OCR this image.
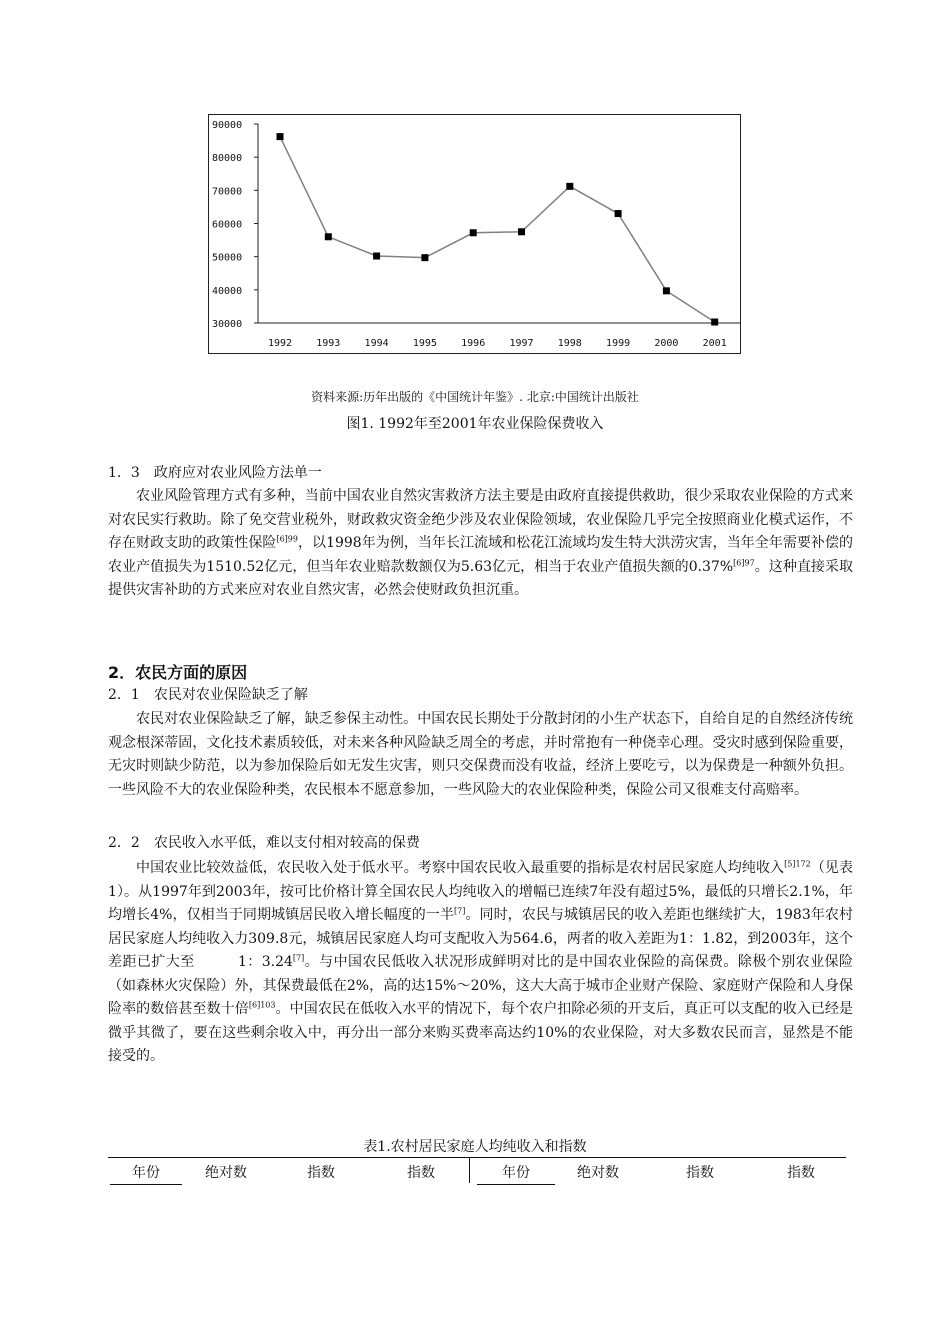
90000
80000
70000
60000
50000
40000
30000
1992 1993 1994 1995 1996 1997 1998 1999 2000 2001
资料来源:历年出版的《中国统计年鉴》. 北京:中国统计出版社
图1. 1992年至2001年农业保险保费收入
1．3　政府应对农业风险方法单一
农业风险管理方式有多种，当前中国农业自然灾害救济方法主要是由政府直接提供救助，很少采取农业保险的方式来对农民实行救助。除了免交营业税外，财政救灾资金绝少涉及农业保险领域，农业保险几乎完全按照商业化模式运作，不存在财政支助的政策性保险$^{[6]99}$，以1998年为例，当年长江流域和松花江流域均发生特大洪涝灾害，当年全年需要补偿的农业产值损失为1510.52亿元，但当年农业赔款数额仅为5.63亿元，相当于农业产值损失额的0.37%$^{[6]97}$。这种直接采取提供灾害补助的方式来应对农业自然灾害，必然会使财政负担沉重。
2．农民方面的原因
2．1　农民对农业保险缺乏了解
农民对农业保险缺乏了解，缺乏参保主动性。中国农民长期处于分散封闭的小生产状态下，自给自足的自然经济传统观念根深蒂固，文化技术素质较低，对未来各种风险缺乏周全的考虑，并时常抱有一种侥幸心理。受灾时感到保险重要，无灾时则缺少防范，以为参加保险后如无发生灾害，则只交保费而没有收益，经济上要吃亏，以为保费是一种额外负担。一些风险不大的农业保险种类，农民根本不愿意参加，一些风险大的农业保险种类，保险公司又很难支付高赔率。
2．2　农民收入水平低，难以支付相对较高的保费
中国农业比较效益低，农民收入处于低水平。考察中国农民收入最重要的指标是农村居民家庭人均纯收入$^{[5]172}$（见表1）。从1997年到2003年，按可比价格计算全国农民人均纯收入的增幅已连续7年没有超过5%，最低的只增长2.1%，年均增长4%，仅相当于同期城镇居民收入增长幅度的一半[7]。同时，农民与城镇居民的收入差距也继续扩大，1983年农村居民家庭人均纯收入力309.8元，城镇居民家庭人均可支配收入为564.6，两者的收入差距为1：1.82，到2003年，这个差距已扩大至　　　1：3.24[7]。与中国农民低收入状况形成鲜明对比的是中国农业保险的高保费。除极个别农业保险（如森林火灾保险）外，其保费最低在2%，高的达15%～20%，这大大高于城市企业财产保险、家庭财产保险和人身保险率的数倍甚至数十倍$^{[6]103}$。中国农民在低收入水平的情况下，每个农户扣除必须的开支后，真正可以支配的收入已经是微乎其微了，要在这些剩余收入中，再分出一部分来购买费率高达约10%的农业保险，对大多数农民而言，显然是不能接受的。
表1.农村居民家庭人均纯收入和指数
年份	绝对数	指数	指数	年份	绝对数	指数	指数
